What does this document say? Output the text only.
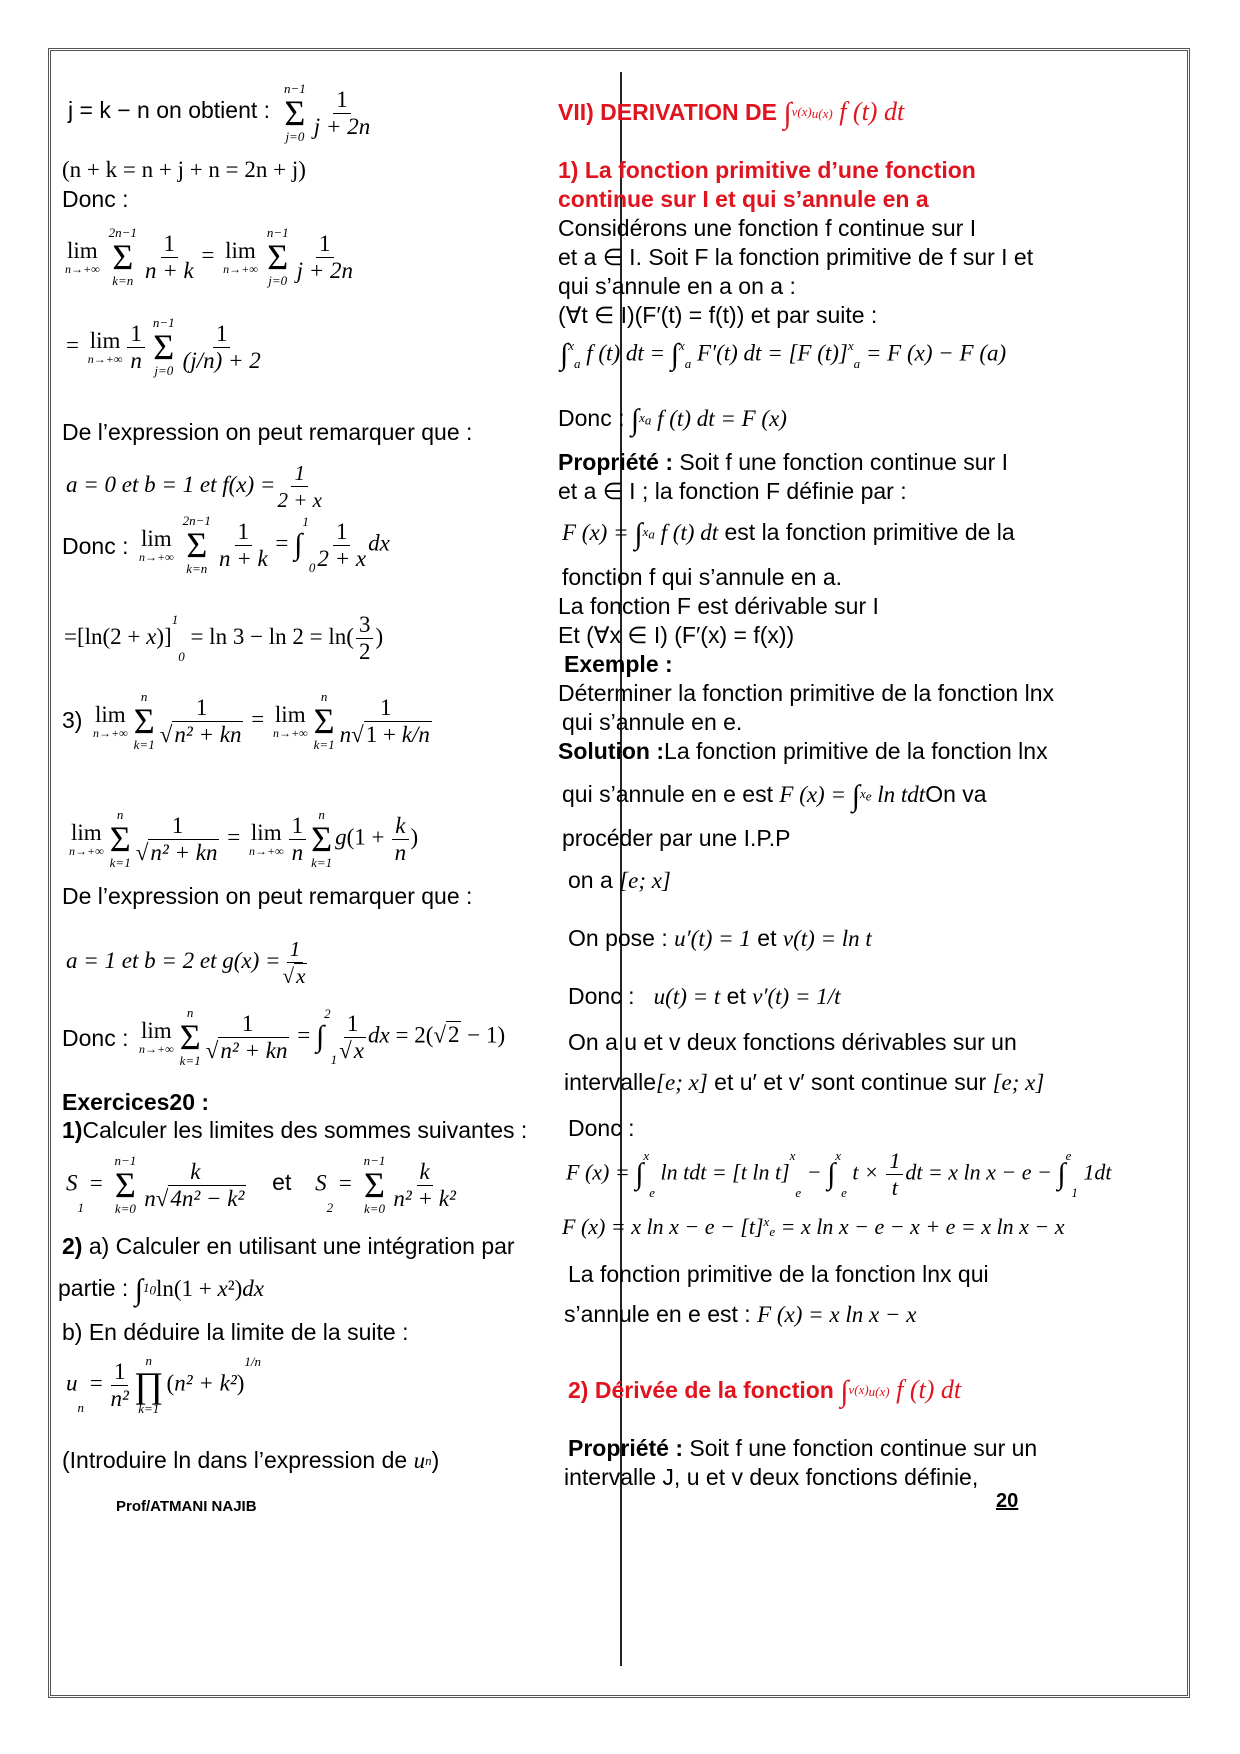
j = k − n on obtient :
n−1
Σ
$j=0 \frac{1}{j + 2n}$
(n + k = n + j + n = 2n + j)
Donc :
lim
n→+∞
2n−1
Σ
$k=n \frac{1}{n + k} = \lim$
n→+∞
n−1
Σ
$j=0 \frac{1}{j + 2n}$
= lim
$n\to+\infty \frac{1}{n} n-1$
Σ
$j=0 \frac{1}{(j/n) + 2}$
De l’expression on peut remarquer que :
a = 0 et b = 1 et $f(x) = \frac{1}{2 + x}$
Donc : lim
n→+∞
2n−1
Σ
$k=n \frac{1}{n + k} = \int^10 \frac{1}{2 + x}$ dx
$=[\ln(2 + x)]^10 = \ln 3 - \ln 2 = \ln( \frac{3}{2}$ )
3) lim
n→+∞
n
Σ
$k=1 \frac{1}{\text{√n² + kn}} = \lim$
n→+∞
n
Σ
$k=1 \frac{1}{n√1 + k/n}$
lim
n→+∞
n
Σ
$k=1 \frac{1}{\text{√n² + kn}} = \lim$
$n\to+\infty \frac{1}{n}$ n
Σ
k=1
$g(1 + \frac{k}{n}$ )
De l’expression on peut remarquer que :
a = 1 et b = 2 et $g(x) = \frac{1}{√x}$
Donc : lim
n→+∞
n
Σ
$k=1 \frac{1}{\text{√n² + kn}} = \int^21 \frac{1}{√x}$ dx = 2(√2 − 1)
Exercices20 :
1)Calculer les limites des sommes suivantes :
S1 =
n−1
Σ
$k=0 \frac{k}{\text{n√4n² − k²}}$ et S2 =
n−1
Σ
$k=0 \frac{k}{\text{n² + k²}}$
2) a) Calculer en utilisant une intégration par
partie : ∫$^1$0ln(1 + x²)dx
b) En déduire la limite de la suite :
un = $\frac{1}{\text{n²}}$ n
∏
k=1
$(n^2 + k^2)^{1/n}$
(Introduire ln dans l’expression de un)
VII) DERIVATION DE ∫$^{v(x)}$u(x) f (t) dt
1) La fonction primitive d’une fonction
continue sur I et qui s’annule en a
Considérons une fonction f continue sur I
et a ∈ I. Soit F la fonction primitive de f sur I et
qui s’annule en a on a :
(∀t ∈ I)(F′(t) = f(t)) et par suite :
∫$^x$a f (t) dt = ∫$^x$a F′(t) dt = [F (t)]$^x$a = F (x) − F (a)
Donc : ∫$^x$a f (t) dt = F (x)
Propriété : Soit f une fonction continue sur I
et a ∈ I ; la fonction F définie par :
F (x) = ∫$^x$a f (t) dt est la fonction primitive de la
fonction f qui s’annule en a.
La fonction F est dérivable sur I
Et (∀x ∈ I) (F′(x) = f(x))
Exemple :
Déterminer la fonction primitive de la fonction lnx
qui s’annule en e.
Solution :La fonction primitive de la fonction lnx
qui s’annule en e est F (x) = ∫$^x$e ln tdtOn va
procéder par une I.P.P
on a [e; x]
On pose : u′(t) = 1 et v(t) = ln t
Donc : u(t) = t et v′(t) = 1/t
On a u et v deux fonctions dérivables sur un
intervalle[e; x] et u′ et v′ sont continue sur [e; x]
Donc :
F (x) = ∫$^x$e ln tdt = [t ln t]$^x$e − ∫$^x$e $t \times \frac{1}{t}$ dt = x ln x − e − ∫$^e$1 1dt
F (x) = x $\ln x - e - [t]^xe = x$ ln x − e − x + e = x ln x − x
La fonction primitive de la fonction lnx qui
s’annule en e est : F (x) = x ln x − x
2) Dérivée de la fonction ∫$^{v(x)}$u(x) f (t) dt
Propriété : Soit f une fonction continue sur un
intervalle J, u et v deux fonctions définie,
Prof/ATMANI NAJIB	20
